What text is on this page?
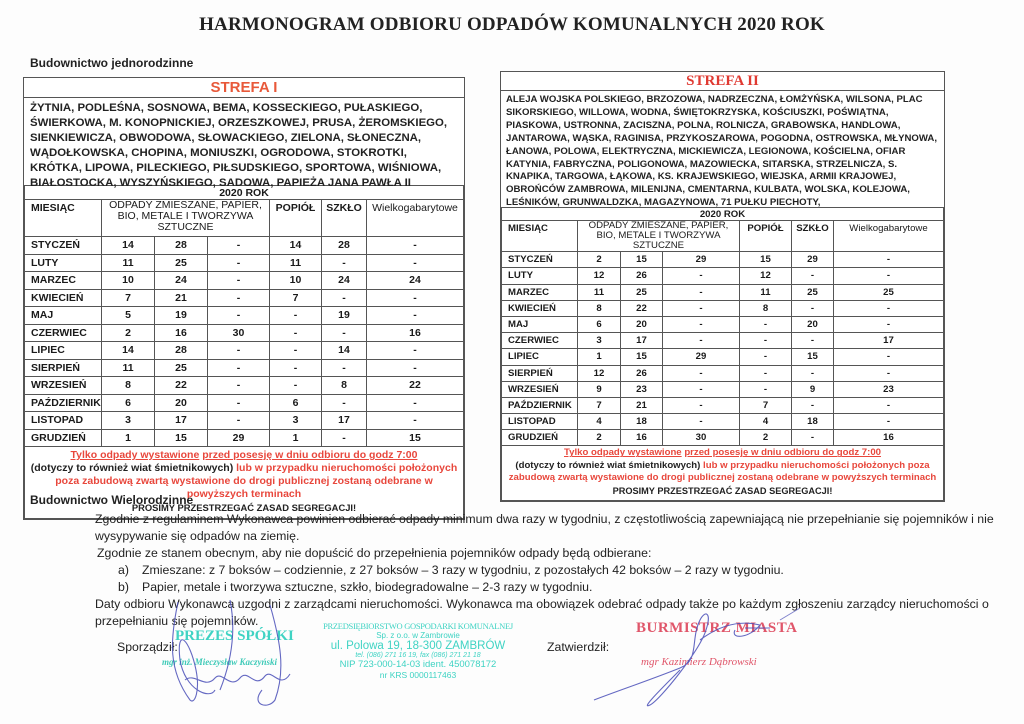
HARMONOGRAM ODBIORU ODPADÓW KOMUNALNYCH 2020 ROK
Budownictwo jednorodzinne
STREFA I
ŻYTNIA, PODLEŚNA, SOSNOWA, BEMA, KOSSECKIEGO, PUŁASKIEGO, ŚWIERKOWA, M. KONOPNICKIEJ, ORZESZKOWEJ, PRUSA, ŻEROMSKIEGO, SIENKIEWICZA, OBWODOWA, SŁOWACKIEGO, ZIELONA, SŁONECZNA, WĄDOŁKOWSKA, CHOPINA, MONIUSZKI, OGRODOWA, STOKROTKI, KRÓTKA, LIPOWA, PILECKIEGO, PIŁSUDSKIEGO, SPORTOWA, WIŚNIOWA, BIAŁOSTOCKA, WYSZYŃSKIEGO, SADOWA, PAPIEŻA JANA PAWŁA II
2020 ROK						
MIESIĄC	ODPADY ZMIESZANE, PAPIER, BIO, METALE I TWORZYWA SZTUCZNE			POPIÓŁ	SZKŁO	Wielkogabarytowe
STYCZEŃ	14	28	-	14	28	-
LUTY	11	25	-	11	-	-
MARZEC	10	24	-	10	24	24
KWIECIEŃ	7	21	-	7	-	-
MAJ	5	19	-	-	19	-
CZERWIEC	2	16	30	-	-	16
LIPIEC	14	28	-	-	14	-
SIERPIEŃ	11	25	-	-	-	-
WRZESIEŃ	8	22	-	-	8	22
PAŹDZIERNIK	6	20	-	6	-	-
LISTOPAD	3	17	-	3	17	-
GRUDZIEŃ	1	15	29	1	-	15
Tylko odpady wystawione przed posesję w dniu odbioru do godz 7:00
(dotyczy to również wiat śmietnikowych) lub w przypadku nieruchomości położonych poza zabudową zwartą wystawione do drogi publicznej zostaną odebrane w powyższych terminach
PROSIMY PRZESTRZEGAĆ ZASAD SEGREGACJI!						
STREFA II
ALEJA WOJSKA POLSKIEGO, BRZOZOWA, NADRZECZNA, ŁOMŻYŃSKA, WILSONA, PLAC SIKORSKIEGO, WILLOWA, WODNA, ŚWIĘTOKRZYSKA, KOŚCIUSZKI, POŚWIĄTNA, PIASKOWA, USTRONNA, ZACISZNA, POLNA, ROLNICZA, GRABOWSKA, HANDLOWA, JANTAROWA, WĄSKA, RAGINISA, PRZYKOSZAROWA, POGODNA, OSTROWSKA, MŁYNOWA, ŁANOWA, POLOWA, ELEKTRYCZNA, MICKIEWICZA, LEGIONOWA, KOŚCIELNA, OFIAR KATYNIA, FABRYCZNA, POLIGONOWA, MAZOWIECKA, SITARSKA, STRZELNICZA, S. KNAPIKA, TARGOWA, ŁĄKOWA, KS. KRAJEWSKIEGO, WIEJSKA, ARMII KRAJOWEJ, OBROŃCÓW ZAMBROWA, MILENIJNA, CMENTARNA, KULBATA, WOLSKA, KOLEJOWA, LEŚNIKÓW, GRUNWALDZKA, MAGAZYNOWA, 71 PUŁKU PIECHOTY,
2020 ROK						
MIESIĄC	ODPADY ZMIESZANE, PAPIER, BIO, METALE I TWORZYWA SZTUCZNE			POPIÓŁ	SZKŁO	Wielkogabarytowe
STYCZEŃ	2	15	29	15	29	-
LUTY	12	26	-	12	-	-
MARZEC	11	25	-	11	25	25
KWIECIEŃ	8	22	-	8	-	-
MAJ	6	20	-	-	20	-
CZERWIEC	3	17	-	-	-	17
LIPIEC	1	15	29	-	15	-
SIERPIEŃ	12	26	-	-	-	-
WRZESIEŃ	9	23	-	-	9	23
PAŹDZIERNIK	7	21	-	7	-	-
LISTOPAD	4	18	-	4	18	-
GRUDZIEŃ	2	16	30	2	-	16
Tylko odpady wystawione przed posesję w dniu odbioru do godz 7:00
(dotyczy to również wiat śmietnikowych) lub w przypadku nieruchomości położonych poza zabudową zwartą wystawione do drogi publicznej zostaną odebrane w powyższych terminach
PROSIMY PRZESTRZEGAĆ ZASAD SEGREGACJI!						
Budownictwo Wielorodzinne
Zgodnie z regulaminem Wykonawca powinien odbierać odpady minimum dwa razy w tygodniu, z częstotliwością zapewniającą nie przepełnianie się pojemników i nie wysypywanie się odpadów na ziemię.
Zgodnie ze stanem obecnym, aby nie dopuścić do przepełnienia pojemników odpady będą odbierane:
a) Zmieszane: z 7 boksów – codziennie, z 27 boksów – 3 razy w tygodniu, z pozostałych 42 boksów – 2 razy w tygodniu.
b) Papier, metale i tworzywa sztuczne, szkło, biodegradowalne – 2-3 razy w tygodniu.
Daty odbioru Wykonawca uzgodni z zarządcami nieruchomości. Wykonawca ma obowiązek odebrać odpady także po każdym zgłoszeniu zarządcy nieruchomości o przepełnianiu się pojemników.
Sporządził:
PREZES SPÓŁKI
mgr inż. Mieczysław Kaczyński
PRZEDSIĘBIORSTWO GOSPODARKI KOMUNALNEJ
Sp. z o.o. w Zambrowie
ul. Polowa 19, 18-300 ZAMBRÓW
tel. (086) 271 16 19, fax (086) 271 21 18
NIP 723-000-14-03 ident. 450078172
nr KRS 0000117463
Zatwierdził:
BURMISTRZ MIASTA
mgr Kazimierz Dąbrowski
